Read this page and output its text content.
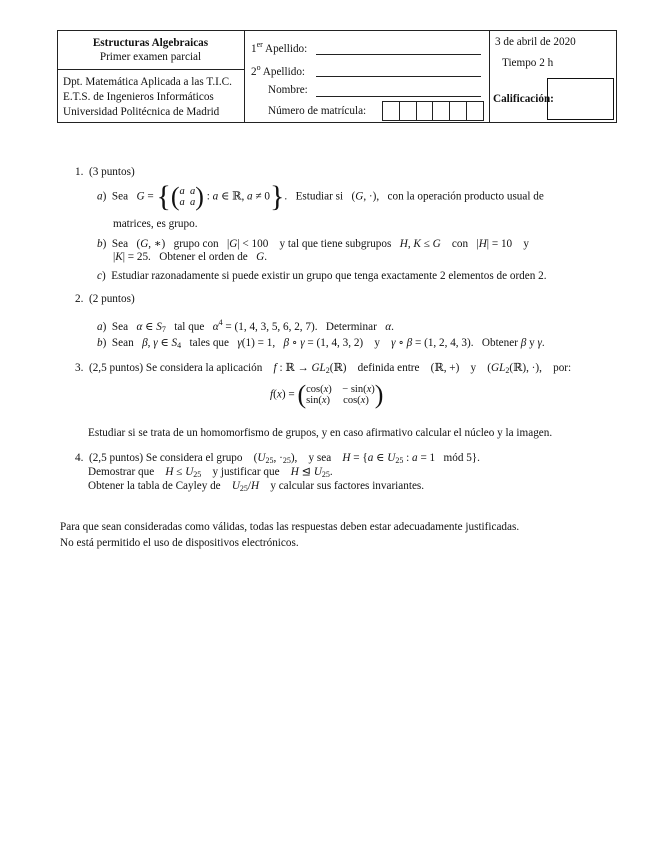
Estructuras Algebraicas
Primer examen parcial
Dpt. Matemática Aplicada a las T.I.C.
E.T.S. de Ingenieros Informáticos
Universidad Politécnica de Madrid
1er Apellido:
2$^o$ Apellido:
Nombre:
Número de matrícula:
3 de abril de 2020
Tiempo 2 h
Calificación:
1. (3 puntos)
a)  Sea   G = {(a a
a a) : a ∈ ℝ, a ≠ 0}.   Estudiar si   (G, ·),   con la operación producto usual de
matrices, es grupo.
b)  Sea   (G, ∗)   grupo con   |G| < 100    y tal que tiene subgrupos   H, K ≤ G    con   |H| = 10    y
|K| = 25.   Obtener el orden de   G.
c)  Estudiar razonadamente si puede existir un grupo que tenga exactamente 2 elementos de orden 2.
2. (2 puntos)
a)  Sea   α ∈ $S_7$   tal que   $\alpha^4 = (1$, 4, 3, 5, 6, 2, 7).   Determinar   α.
b)  Sean   β, γ ∈ $S_4$   tales que   γ(1) = 1,   β ∘ γ = (1, 4, 3, 2)    y    γ ∘ β = (1, 2, 4, 3).   Obtener β y γ.
3. (2,5 puntos) Se considera la aplicación    f : ℝ → $GL_2(ℝ)$    definida entre    (ℝ, +)    y    ($GL_2(ℝ)$, ·),    por:
f(x) = (cos(x)    − sin(x)
sin(x)     cos(x) )
Estudiar si se trata de un homomorfismo de grupos, y en caso afirmativo calcular el núcleo y la imagen.
4. (2,5 puntos) Se considera el grupo    ($U_{25}$, $\cdot_{25}$),    y sea    H = {a ∈ $U_{25}$ : a = 1   mód 5}.
Demostrar que    $H \le U_{25}$    y justificar que    H ⊴ $U_{25}$.
Obtener la tabla de Cayley de    $U_{25}/H$    y calcular sus factores invariantes.
Para que sean consideradas como válidas, todas las respuestas deben estar adecuadamente justificadas.
No está permitido el uso de dispositivos electrónicos.
